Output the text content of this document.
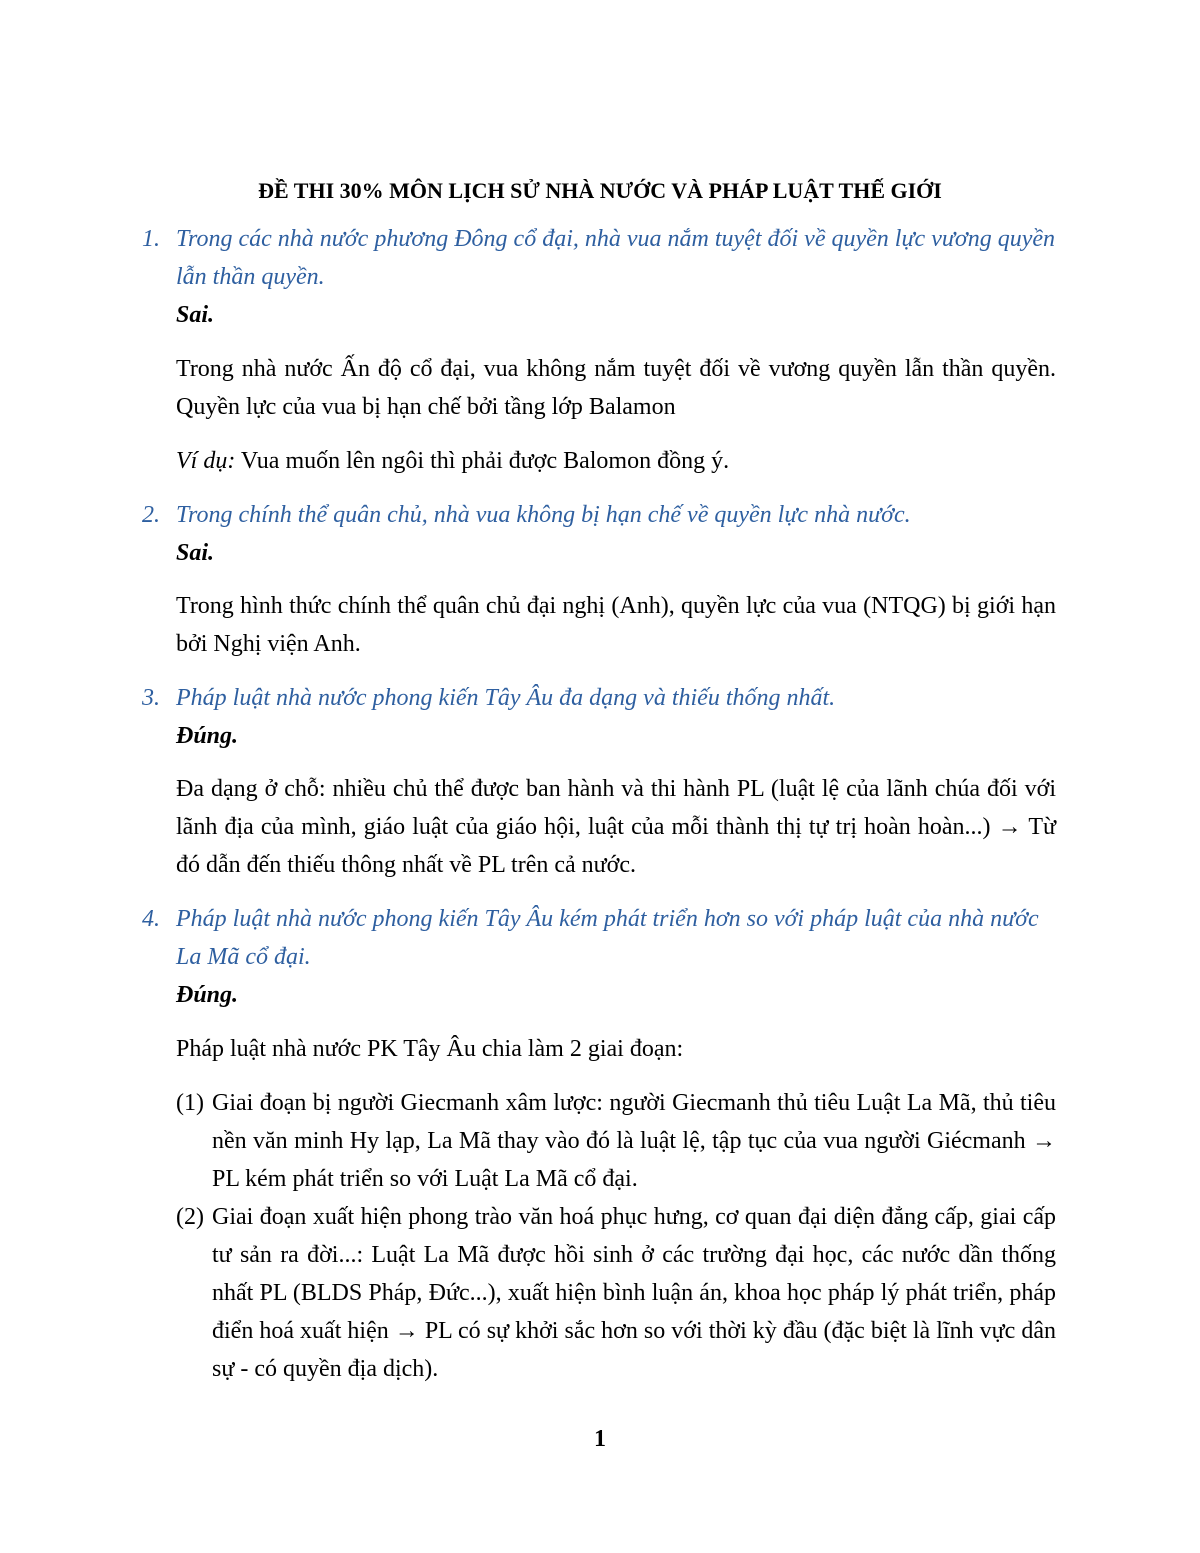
ĐỀ THI 30% MÔN LỊCH SỬ NHÀ NƯỚC VÀ PHÁP LUẬT THẾ GIỚI
1. Trong các nhà nước phương Đông cổ đại, nhà vua nắm tuyệt đối về quyền lực vương quyền lẫn thần quyền.

Sai.

Trong nhà nước Ấn độ cổ đại, vua không nắm tuyệt đối về vương quyền lẫn thần quyền. Quyền lực của vua bị hạn chế bởi tầng lớp Balamon

Ví dụ: Vua muốn lên ngôi thì phải được Balomon đồng ý.

2. Trong chính thể quân chủ, nhà vua không bị hạn chế về quyền lực nhà nước.

Sai.

Trong hình thức chính thể quân chủ đại nghị (Anh), quyền lực của vua (NTQG) bị giới hạn bởi Nghị viện Anh.

3. Pháp luật nhà nước phong kiến Tây Âu đa dạng và thiếu thống nhất.

Đúng.

Đa dạng ở chỗ: nhiều chủ thể được ban hành và thi hành PL (luật lệ của lãnh chúa đối với lãnh địa của mình, giáo luật của giáo hội, luật của mỗi thành thị tự trị hoàn hoàn...) → Từ đó dẫn đến thiếu thông nhất về PL trên cả nước.

4. Pháp luật nhà nước phong kiến Tây Âu kém phát triển hơn so với pháp luật của nhà nước La Mã cổ đại.

Đúng.

Pháp luật nhà nước PK Tây Âu chia làm 2 giai đoạn:

(1) Giai đoạn bị người Giecmanh xâm lược: người Giecmanh thủ tiêu Luật La Mã, thủ tiêu nền văn minh Hy lạp, La Mã thay vào đó là luật lệ, tập tục của vua người Giécmanh → PL kém phát triển so với Luật La Mã cổ đại.
(2) Giai đoạn xuất hiện phong trào văn hoá phục hưng, cơ quan đại diện đẳng cấp, giai cấp tư sản ra đời...: Luật La Mã được hồi sinh ở các trường đại học, các nước dần thống nhất PL (BLDS Pháp, Đức...), xuất hiện bình luận án, khoa học pháp lý phát triển, pháp điển hoá xuất hiện → PL có sự khởi sắc hơn so với thời kỳ đầu (đặc biệt là lĩnh vực dân sự - có quyền địa dịch).
1
